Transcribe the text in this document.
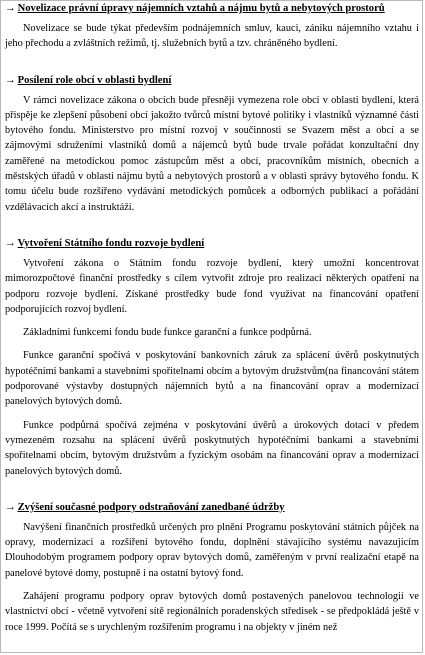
→ Novelizace právní úpravy nájemních vztahů a nájmu bytů a nebytových prostorů

Novelizace se bude týkat především podnájemních smluv, kauci, zániku nájemního vztahu i jeho přechodu a zvláštních režimů, tj. služebních bytů a tzv. chráněného bydlení.

→ Posílení role obcí v oblasti bydlení

V rámci novelizace zákona o obcích bude přesněji vymezena role obcí v oblasti bydlení, která přispěje ke zlepšení působení obcí jakožto tvůrců místní bytové politiky i vlastníků významné části bytového fondu. Ministerstvo pro místní rozvoj v součinnosti se Svazem měst a obcí a se zájmovými sdruženími vlastníků domů a nájemců bytů bude trvale pořádat konzultační dny zaměřené na metodickou pomoc zástupcům měst a obcí, pracovníkům místních, obecních a městských úřadů v oblasti nájmu bytů a nebytových prostorů a v oblasti správy bytového fondu. K tomu účelu bude rozšířeno vydávání metodických pomůcek a odborných publikací a pořádání vzdělávacích akcí a instruktáží.

→ Vytvoření Státního fondu rozvoje bydlení

Vytvoření zákona o Státním fondu rozvoje bydlení, který umožní koncentrovat mimorozpočtové finanční prostředky s cílem vytvořit zdroje pro realizaci některých opatření na podporu rozvoje bydlení. Získané prostředky bude fond využívat na financování opatření podporujících rozvoj bydlení.

Základními funkcemi fondu bude funkce garanční a funkce podpůrná.

Funkce garanční spočívá v poskytování bankovních záruk za splácení úvěrů poskytnutých hypotéčními bankami a stavebními spořitelnami obcím a bytovým družstvům(na financování státem podporované výstavby dostupných nájemních bytů a na financování oprav a modernizací panelových bytových domů.

Funkce podpůrná spočívá zejména v poskytování úvěrů a úrokových dotací v předem vymezeném rozsahu na splácení úvěrů poskytnutých hypotéčními bankami a stavebními spořitelnami obcím, bytovým družstvům a fyzickým osobám na financování oprav a modernizací panelových bytových domů.

→ Zvýšení současné podpory odstraňování zanedbané údržby

Navýšení finančních prostředků určených pro plnění Programu poskytování státních půjček na opravy, modernizaci a rozšíření bytového fondu, doplnění stávajícího systému navazujícím Dlouhodobým programem podpory oprav bytových domů, zaměřeným v první realizační etapě na panelové bytové domy, postupně i na ostatní bytový fond.

Zahájení programu podpory oprav bytových domů postavených panelovou technologií ve vlastnictví obcí - včetně vytvoření sítě regionálních poradenských středisek - se předpokládá ještě v roce 1999. Počítá se s urychleným rozšířením programu i na objekty v jiném než
